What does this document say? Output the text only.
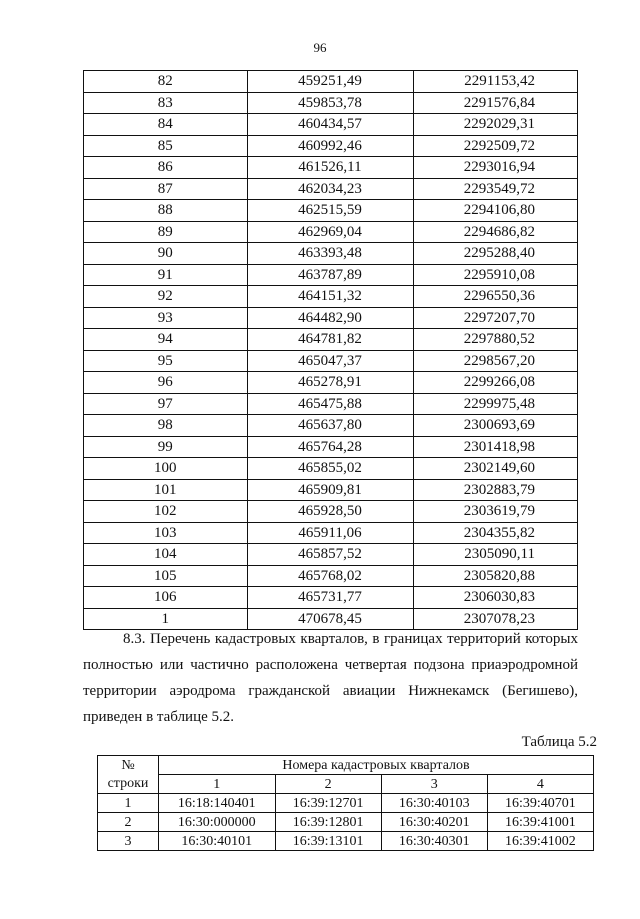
96
82	459251,49	2291153,42
83	459853,78	2291576,84
84	460434,57	2292029,31
85	460992,46	2292509,72
86	461526,11	2293016,94
87	462034,23	2293549,72
88	462515,59	2294106,80
89	462969,04	2294686,82
90	463393,48	2295288,40
91	463787,89	2295910,08
92	464151,32	2296550,36
93	464482,90	2297207,70
94	464781,82	2297880,52
95	465047,37	2298567,20
96	465278,91	2299266,08
97	465475,88	2299975,48
98	465637,80	2300693,69
99	465764,28	2301418,98
100	465855,02	2302149,60
101	465909,81	2302883,79
102	465928,50	2303619,79
103	465911,06	2304355,82
104	465857,52	2305090,11
105	465768,02	2305820,88
106	465731,77	2306030,83
1	470678,45	2307078,23

8.3. Перечень кадастровых кварталов, в границах территорий которых
полностью или частично расположена четвертая подзона приаэродромной
территории аэродрома гражданской авиации Нижнекамск (Бегишево),
приведен в таблице 5.2.

Таблица 5.2
№	Номера кадастровых кварталов			
строки	1	2	3	4
1	16:18:140401	16:39:12701	16:30:40103	16:39:40701
2	16:30:000000	16:39:12801	16:30:40201	16:39:41001
3	16:30:40101	16:39:13101	16:30:40301	16:39:41002
